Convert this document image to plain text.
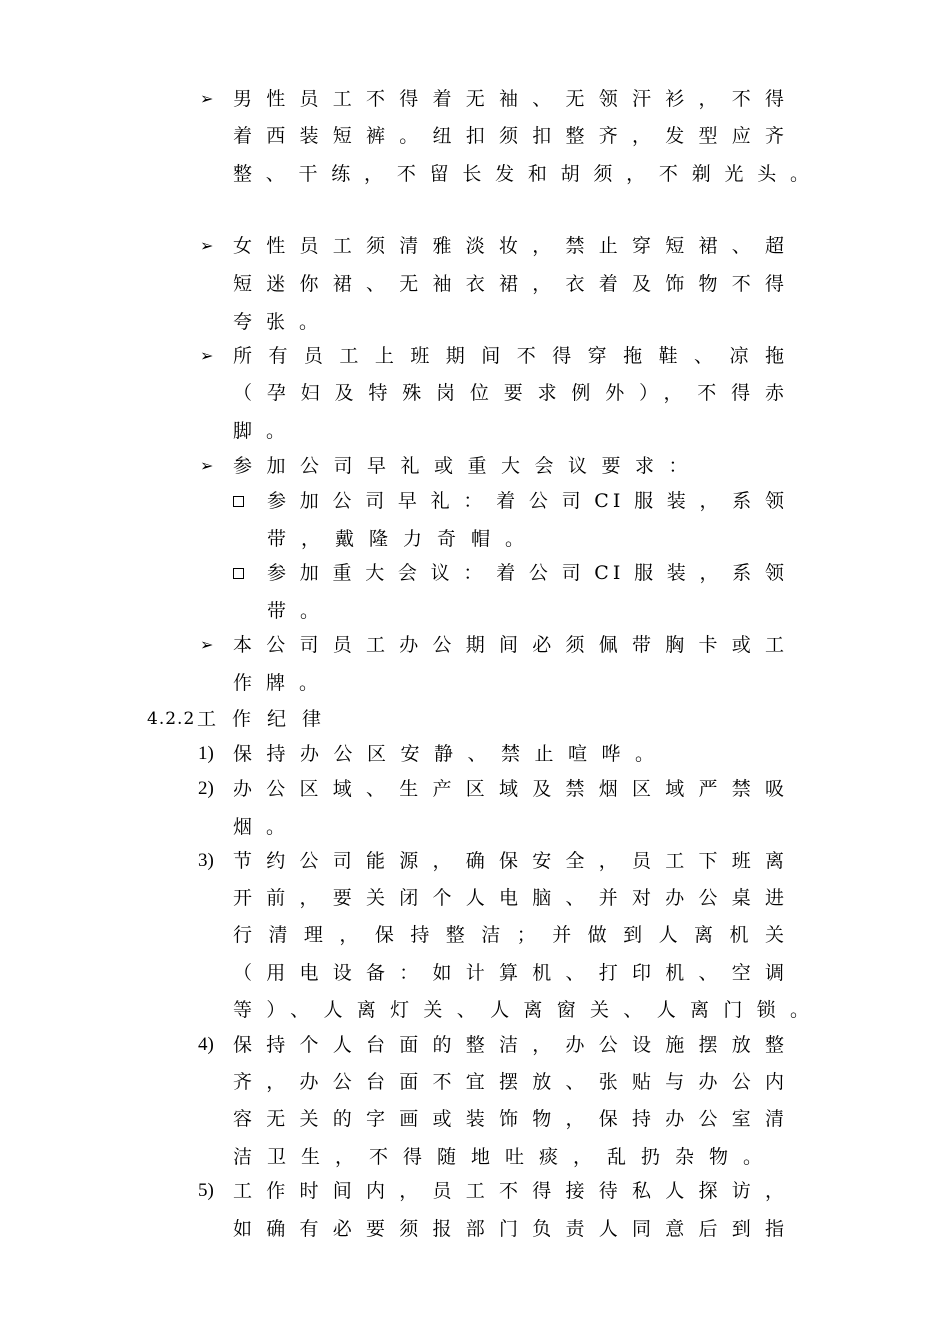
➢ 男性员工不得着无袖、无领汗衫，不得
着西装短裤。纽扣须扣整齐，发型应齐
整、干练，不留长发和胡须，不剃光头。
➢ 女性员工须清雅淡妆，禁止穿短裙、超
短迷你裙、无袖衣裙，衣着及饰物不得
夸张。
➢ 所有员工上班期间不得穿拖鞋、凉拖
（孕妇及特殊岗位要求例外），不得赤
脚。
➢ 参加公司早礼或重大会议要求：
参加公司早礼：着公司CI服装，系领
带，戴隆力奇帽。
参加重大会议：着公司CI服装，系领
带。
➢ 本公司员工办公期间必须佩带胸卡或工
作牌。
4.2.2 工作纪律
1) 保持办公区安静、禁止喧哗。
2) 办公区域、生产区域及禁烟区域严禁吸
烟。
3) 节约公司能源，确保安全，员工下班离
开前，要关闭个人电脑、并对办公桌进
行清理，保持整洁；并做到人离机关
（用电设备：如计算机、打印机、空调
等）、人离灯关、人离窗关、人离门锁。
4) 保持个人台面的整洁，办公设施摆放整
齐，办公台面不宜摆放、张贴与办公内
容无关的字画或装饰物，保持办公室清
洁卫生，不得随地吐痰，乱扔杂物。
5) 工作时间内，员工不得接待私人探访，
如确有必要须报部门负责人同意后到指
